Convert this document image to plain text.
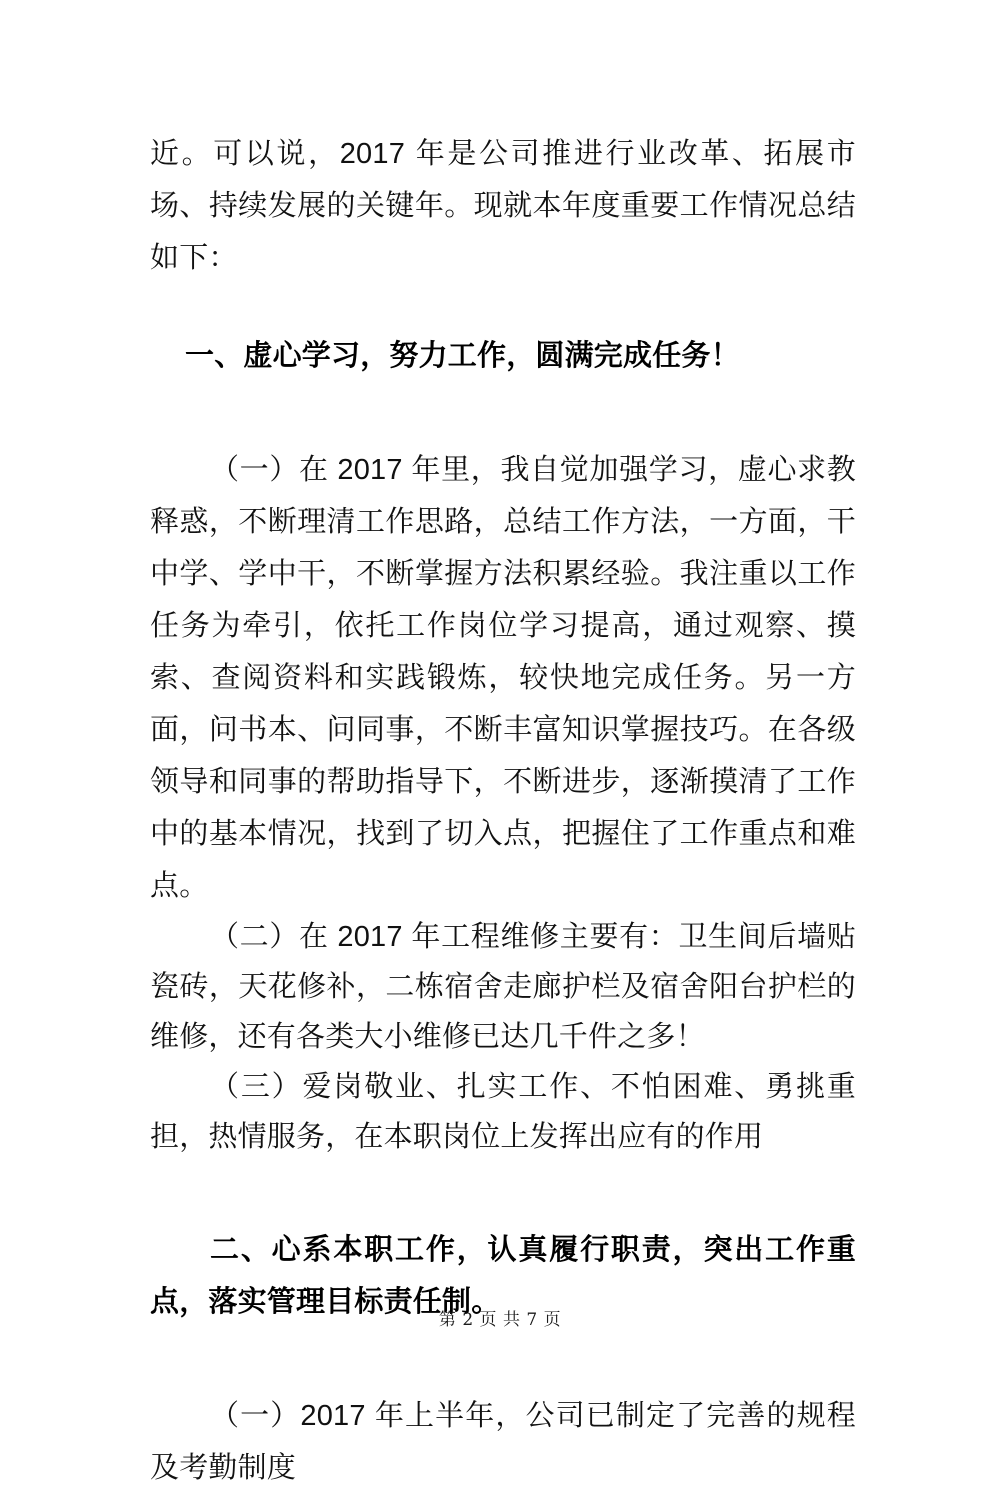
近。可以说，2017 年是公司推进行业改革、拓展市场、持续发展的关键年。现就本年度重要工作情况总结如下：

一、虚心学习，努力工作，圆满完成任务！

（一）在 2017 年里，我自觉加强学习，虚心求教释惑，不断理清工作思路，总结工作方法，一方面，干中学、学中干，不断掌握方法积累经验。我注重以工作任务为牵引，依托工作岗位学习提高，通过观察、摸索、查阅资料和实践锻炼，较快地完成任务。另一方面，问书本、问同事，不断丰富知识掌握技巧。在各级领导和同事的帮助指导下，不断进步，逐渐摸清了工作中的基本情况，找到了切入点，把握住了工作重点和难点。

（二）在 2017 年工程维修主要有：卫生间后墙贴瓷砖，天花修补，二栋宿舍走廊护栏及宿舍阳台护栏的维修，还有各类大小维修已达几千件之多！

（三）爱岗敬业、扎实工作、不怕困难、勇挑重担，热情服务，在本职岗位上发挥出应有的作用

二、心系本职工作，认真履行职责，突出工作重点，落实管理目标责任制。

（一）2017 年上半年，公司已制定了完善的规程及考勤制度

第 2 页 共 7 页
